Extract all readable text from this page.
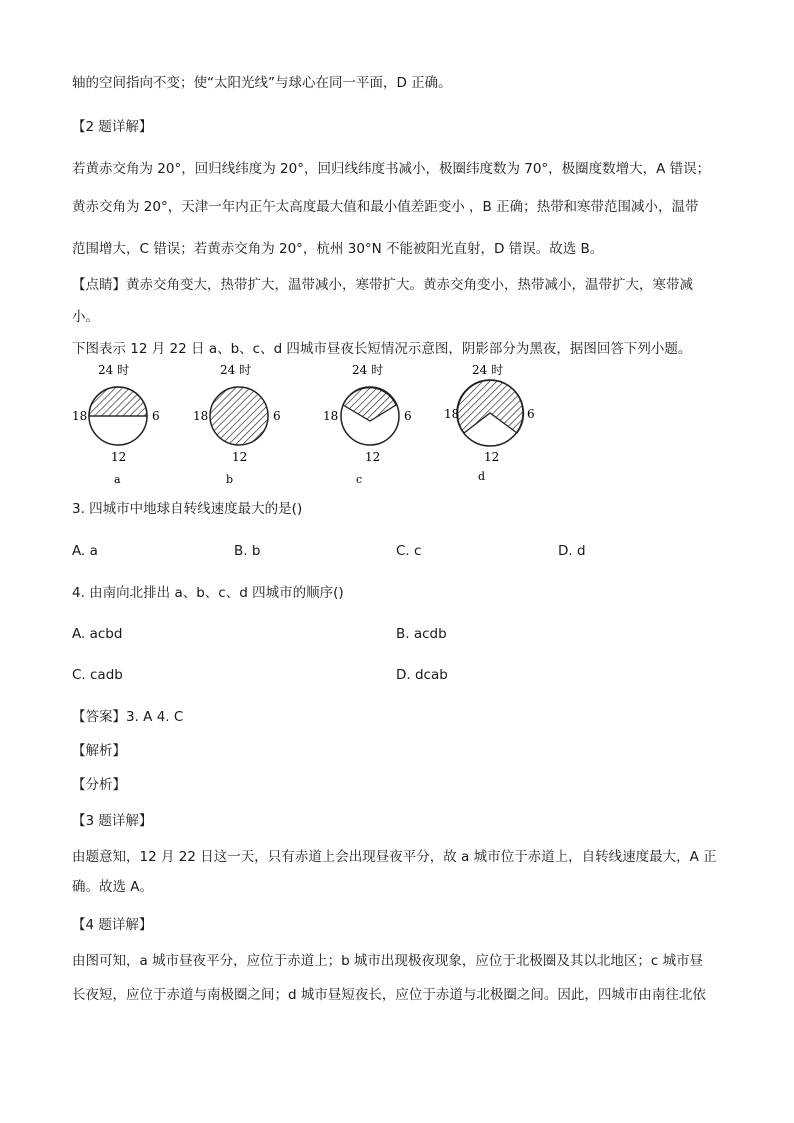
轴的空间指向不变；使“太阳光线”与球心在同一平面，D 正确。
【2 题详解】
若黄赤交角为 20°，回归线纬度为 20°，回归线纬度书减小，极圈纬度数为 70°，极圈度数增大，A 错误；
黄赤交角为 20°，天津一年内正午太高度最大值和最小值差距变小 ，B 正确；热带和寒带范围减小，温带
范围增大，C 错误；若黄赤交角为 20°，杭州 30°N 不能被阳光直射，D 错误。故选 B。
【点睛】黄赤交角变大，热带扩大，温带减小，寒带扩大。黄赤交角变小，热带减小，温带扩大，寒带减
小。
下图表示 12 月 22 日 a、b、c、d 四城市昼夜长短情况示意图，阴影部分为黑夜，据图回答下列小题。
24 时
18	6
12
a
24 时
18	6
12
b
24 时
18	6
12
c
24 时
18	6
12
d
3. 四城市中地球自转线速度最大的是()
A. a	B. b	C. c	D. d
4. 由南向北排出 a、b、c、d 四城市的顺序()
A. acbd	B. acdb
C. cadb	D. dcab
【答案】3. A 4. C
【解析】
【分析】
【3 题详解】
由题意知，12 月 22 日这一天，只有赤道上会出现昼夜平分，故 a 城市位于赤道上，自转线速度最大，A 正
确。故选 A。
【4 题详解】
由图可知，a 城市昼夜平分，应位于赤道上；b 城市出现极夜现象，应位于北极圈及其以北地区；c 城市昼
长夜短，应位于赤道与南极圈之间；d 城市昼短夜长，应位于赤道与北极圈之间。因此，四城市由南往北依
